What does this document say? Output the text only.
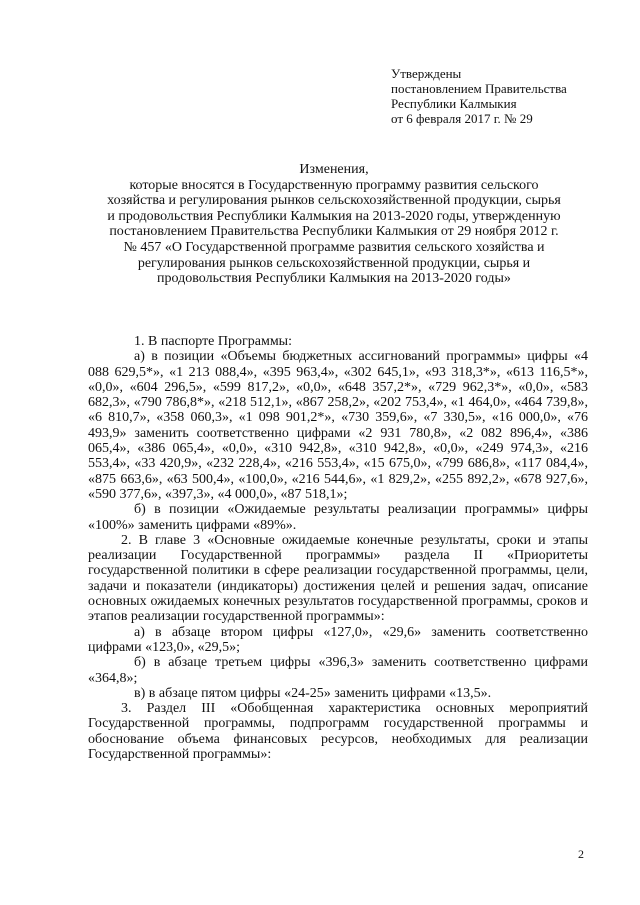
Утверждены
постановлением Правительства
Республики Калмыкия
от 6 февраля 2017 г. № 29
Изменения,
которые вносятся в Государственную программу развития сельского
хозяйства и регулирования рынков сельскохозяйственной продукции, сырья
и продовольствия Республики Калмыкия на 2013-2020 годы, утвержденную
постановлением Правительства Республики Калмыкия от 29 ноября 2012 г.
№ 457 «О Государственной программе развития сельского хозяйства и
регулирования рынков сельскохозяйственной продукции, сырья и
продовольствия Республики Калмыкия на 2013-2020 годы»

1. В паспорте Программы:

а) в позиции «Объемы бюджетных ассигнований программы» цифры «4 088 629,5*», «1 213 088,4», «395 963,4», «302 645,1», «93 318,3*», «613 116,5*», «0,0», «604 296,5», «599 817,2», «0,0», «648 357,2*», «729 962,3*», «0,0», «583 682,3», «790 786,8*», «218 512,1», «867 258,2», «202 753,4», «1 464,0», «464 739,8», «6 810,7», «358 060,3», «1 098 901,2*», «730 359,6», «7 330,5», «16 000,0», «76 493,9» заменить соответственно цифрами «2 931 780,8», «2 082 896,4», «386 065,4», «386 065,4», «0,0», «310 942,8», «310 942,8», «0,0», «249 974,3», «216 553,4», «33 420,9», «232 228,4», «216 553,4», «15 675,0», «799 686,8», «117 084,4», «875 663,6», «63 500,4», «100,0», «216 544,6», «1 829,2», «255 892,2», «678 927,6», «590 377,6», «397,3», «4 000,0», «87 518,1»;

б) в позиции «Ожидаемые результаты реализации программы» цифры «100%» заменить цифрами «89%».

2. В главе 3 «Основные ожидаемые конечные результаты, сроки и этапы реализации Государственной программы» раздела II «Приоритеты государственной политики в сфере реализации государственной программы, цели, задачи и показатели (индикаторы) достижения целей и решения задач, описание основных ожидаемых конечных результатов государственной программы, сроков и этапов реализации государственной программы»:

а) в абзаце втором цифры «127,0», «29,6» заменить соответственно цифрами «123,0», «29,5»;

б) в абзаце третьем цифры «396,3» заменить соответственно цифрами «364,8»;

в) в абзаце пятом цифры «24-25» заменить цифрами «13,5».

3. Раздел III «Обобщенная характеристика основных мероприятий Государственной программы, подпрограмм государственной программы и обоснование объема финансовых ресурсов, необходимых для реализации Государственной программы»:

2
